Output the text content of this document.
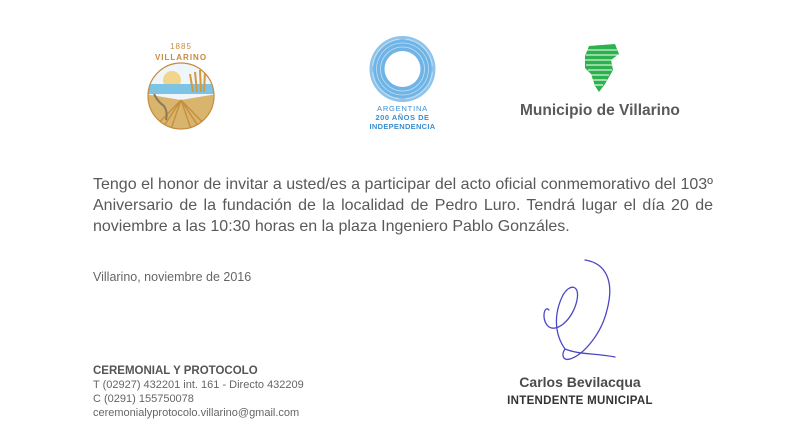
1885
VILLARINO
ARGENTINA
200 AÑOS DE
INDEPENDENCIA
Municipio de Villarino
Tengo el honor de invitar a usted/es a participar del acto oficial conmemorativo del 103º Aniversario de la fundación de la localidad de Pedro Luro. Tendrá lugar el día 20 de noviembre a las 10:30 horas en la plaza Ingeniero Pablo Gonzáles.
Villarino, noviembre de 2016
CEREMONIAL Y PROTOCOLO
T (02927) 432201 int. 161 - Directo 432209
C (0291) 155750078
ceremonialyprotocolo.villarino@gmail.com
Carlos Bevilacqua
INTENDENTE MUNICIPAL
